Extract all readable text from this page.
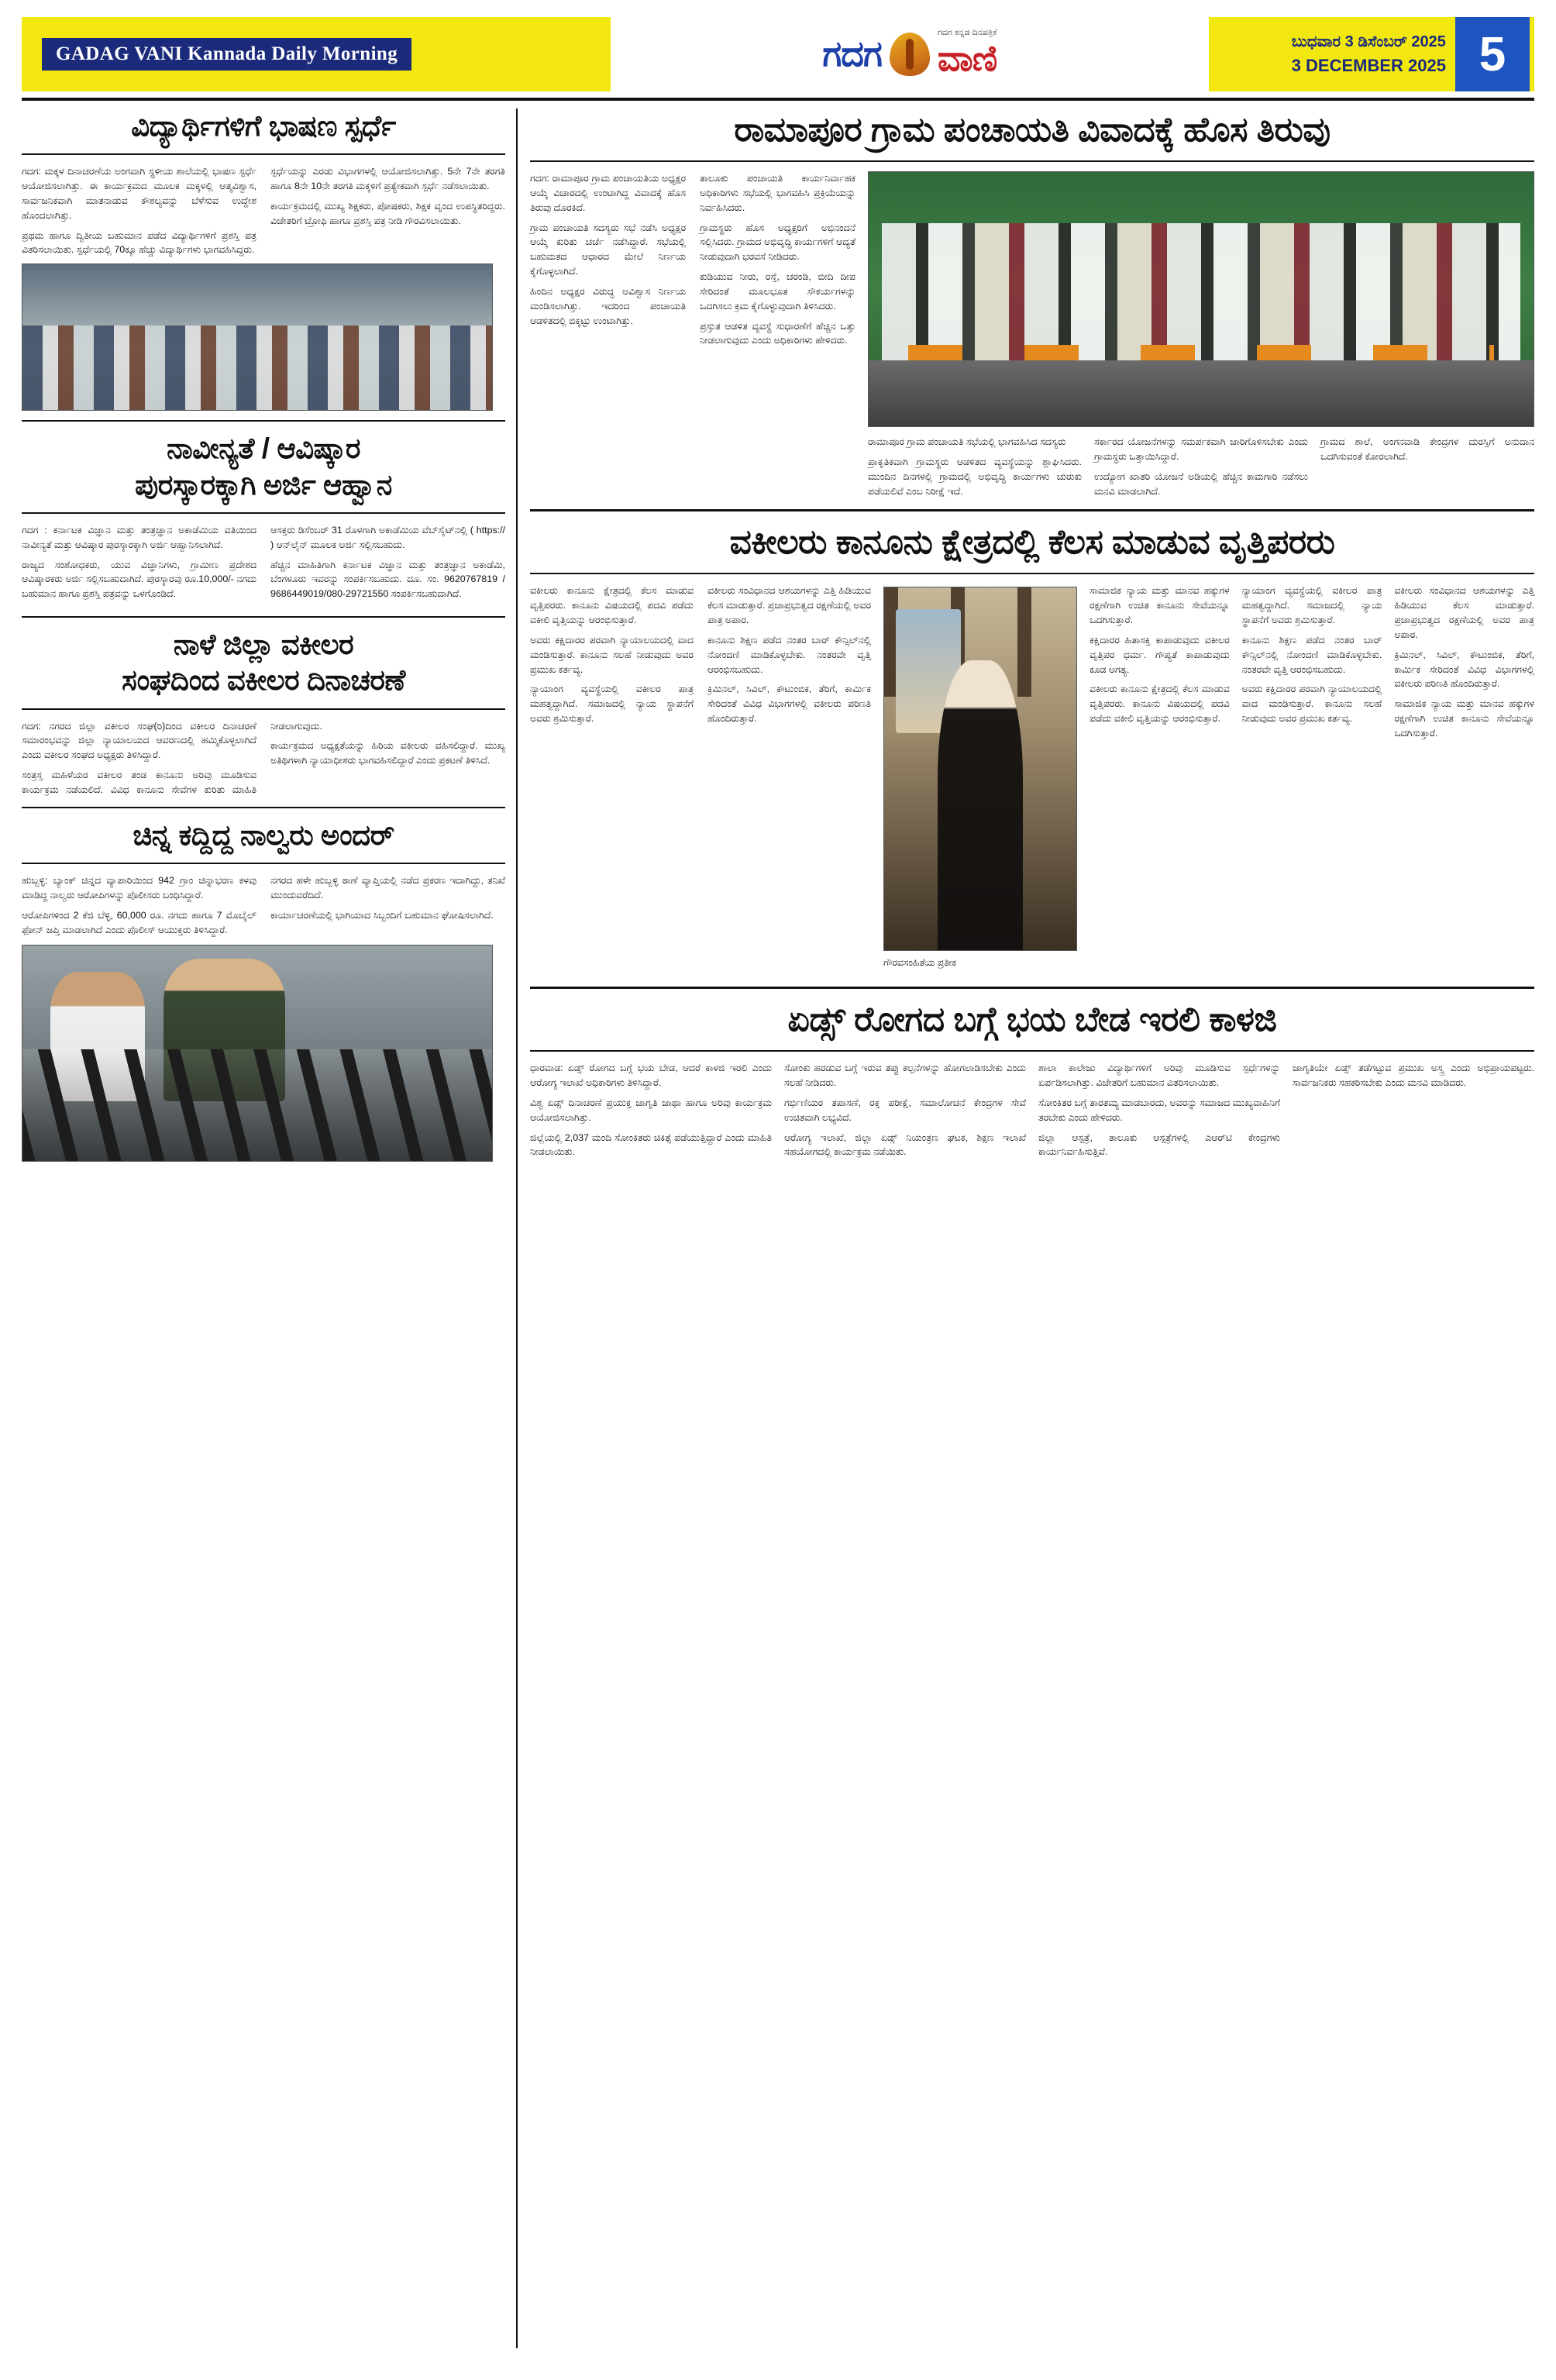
GADAG VANI Kannada Daily Morning	ಗದಗ
ಗದಗ ಕನ್ನಡ ದಿನಪತ್ರಿಕೆ
ವಾಣಿ	ಬುಧವಾರ 3 ಡಿಸೆಂಬರ್ 2025
3 DECEMBER 2025 5
ವಿದ್ಯಾರ್ಥಿಗಳಿಗೆ ಭಾಷಣ ಸ್ಪರ್ಧೆ

ಗದಗ: ಮಕ್ಕಳ ದಿನಾಚರಣೆಯ ಅಂಗವಾಗಿ ಸ್ಥಳೀಯ ಶಾಲೆಯಲ್ಲಿ ಭಾಷಣ ಸ್ಪರ್ಧೆ ಆಯೋಜಿಸಲಾಗಿತ್ತು. ಈ ಕಾರ್ಯಕ್ರಮದ ಮೂಲಕ ಮಕ್ಕಳಲ್ಲಿ ಆತ್ಮವಿಶ್ವಾಸ, ಸಾರ್ವಜನಿಕವಾಗಿ ಮಾತನಾಡುವ ಕೌಶಲ್ಯವನ್ನು ಬೆಳೆಸುವ ಉದ್ದೇಶ ಹೊಂದಲಾಗಿತ್ತು.

ಪ್ರಥಮ ಹಾಗೂ ದ್ವಿತೀಯ ಬಹುಮಾನ ಪಡೆದ ವಿದ್ಯಾರ್ಥಿಗಳಿಗೆ ಪ್ರಶಸ್ತಿ ಪತ್ರ ವಿತರಿಸಲಾಯಿತು. ಸ್ಪರ್ಧೆಯಲ್ಲಿ 70ಕ್ಕೂ ಹೆಚ್ಚು ವಿದ್ಯಾರ್ಥಿಗಳು ಭಾಗವಹಿಸಿದ್ದರು.

ಸ್ಪರ್ಧೆಯನ್ನು ಎರಡು ವಿಭಾಗಗಳಲ್ಲಿ ಆಯೋಜಿಸಲಾಗಿತ್ತು. 5ನೇ 7ನೇ ತರಗತಿ ಹಾಗೂ 8ನೇ 10ನೇ ತರಗತಿ ಮಕ್ಕಳಿಗೆ ಪ್ರತ್ಯೇಕವಾಗಿ ಸ್ಪರ್ಧೆ ನಡೆಸಲಾಯಿತು.

ಕಾರ್ಯಕ್ರಮದಲ್ಲಿ ಮುಖ್ಯ ಶಿಕ್ಷಕರು, ಪೋಷಕರು, ಶಿಕ್ಷಕ ವೃಂದ ಉಪಸ್ಥಿತರಿದ್ದರು. ವಿಜೇತರಿಗೆ ಟ್ರೋಫಿ ಹಾಗೂ ಪ್ರಶಸ್ತಿ ಪತ್ರ ನೀಡಿ ಗೌರವಿಸಲಾಯಿತು.

ನಾವೀನ್ಯತೆ / ಆವಿಷ್ಕಾರ
ಪುರಸ್ಕಾರಕ್ಕಾಗಿ ಅರ್ಜಿ ಆಹ್ವಾನ

ಗದಗ : ಕರ್ನಾಟಕ ವಿಜ್ಞಾನ ಮತ್ತು ತಂತ್ರಜ್ಞಾನ ಅಕಾಡೆಮಿಯ ವತಿಯಿಂದ ನಾವೀನ್ಯತೆ ಮತ್ತು ಆವಿಷ್ಕಾರ ಪುರಸ್ಕಾರಕ್ಕಾಗಿ ಅರ್ಜಿ ಆಹ್ವಾನಿಸಲಾಗಿದೆ.

ರಾಜ್ಯದ ಸಂಶೋಧಕರು, ಯುವ ವಿಜ್ಞಾನಿಗಳು, ಗ್ರಾಮೀಣ ಪ್ರದೇಶದ ಆವಿಷ್ಕಾರಕರು ಅರ್ಜಿ ಸಲ್ಲಿಸಬಹುದಾಗಿದೆ. ಪುರಸ್ಕಾರವು ರೂ.10,000/- ನಗದು ಬಹುಮಾನ ಹಾಗೂ ಪ್ರಶಸ್ತಿ ಪತ್ರವನ್ನು ಒಳಗೊಂಡಿದೆ.

ಆಸಕ್ತರು ಡಿಸೆಂಬರ್ 31 ರೊಳಗಾಗಿ ಅಕಾಡೆಮಿಯ ವೆಬ್‌ಸೈಟ್‌ನಲ್ಲಿ ( https:// ) ಆನ್‌ಲೈನ್ ಮೂಲಕ ಅರ್ಜಿ ಸಲ್ಲಿಸಬಹುದು.

ಹೆಚ್ಚಿನ ಮಾಹಿತಿಗಾಗಿ ಕರ್ನಾಟಕ ವಿಜ್ಞಾನ ಮತ್ತು ತಂತ್ರಜ್ಞಾನ ಅಕಾಡೆಮಿ, ಬೆಂಗಳೂರು ಇವರನ್ನು ಸಂಪರ್ಕಿಸಬಹುದು. ದೂ. ಸಂ. 9620767819 / 9686449019/080-29721550 ಸಂಪರ್ಕಿಸಬಹುದಾಗಿದೆ.

ನಾಳೆ ಜಿಲ್ಲಾ ವಕೀಲರ
ಸಂಘದಿಂದ ವಕೀಲರ ದಿನಾಚರಣೆ

ಗದಗ: ನಗರದ ಜಿಲ್ಲಾ ವಕೀಲರ ಸಂಘ(ರಿ)ದಿಂದ ವಕೀಲರ ದಿನಾಚರಣೆ ಸಮಾರಂಭವನ್ನು ಜಿಲ್ಲಾ ನ್ಯಾಯಾಲಯದ ಆವರಣದಲ್ಲಿ ಹಮ್ಮಿಕೊಳ್ಳಲಾಗಿದೆ ಎಂದು ವಕೀಲರ ಸಂಘದ ಅಧ್ಯಕ್ಷರು ತಿಳಿಸಿದ್ದಾರೆ.

ಸಂತ್ರಸ್ತ ಮಹಿಳೆಯರ ವಕೀಲರ ತಂಡ ಕಾನೂನು ಅರಿವು ಮೂಡಿಸುವ ಕಾರ್ಯಕ್ರಮ ನಡೆಯಲಿದೆ. ವಿವಿಧ ಕಾನೂನು ಸೇವೆಗಳ ಕುರಿತು ಮಾಹಿತಿ ನೀಡಲಾಗುವುದು.

ಕಾರ್ಯಕ್ರಮದ ಅಧ್ಯಕ್ಷತೆಯನ್ನು ಹಿರಿಯ ವಕೀಲರು ವಹಿಸಲಿದ್ದಾರೆ. ಮುಖ್ಯ ಅತಿಥಿಗಳಾಗಿ ನ್ಯಾಯಾಧೀಶರು ಭಾಗವಹಿಸಲಿದ್ದಾರೆ ಎಂದು ಪ್ರಕಟಣೆ ತಿಳಿಸಿದೆ.

ಚಿನ್ನ ಕದ್ದಿದ್ದ ನಾಲ್ವರು ಅಂದರ್

ಹುಬ್ಬಳ್ಳಿ: ಬ್ಯಾಂಕ್ ಚಿನ್ನದ ವ್ಯಾಪಾರಿಯಿಂದ 942 ಗ್ರಾಂ ಚಿನ್ನಾಭರಣ ಕಳವು ಮಾಡಿದ್ದ ನಾಲ್ವರು ಆರೋಪಿಗಳನ್ನು ಪೊಲೀಸರು ಬಂಧಿಸಿದ್ದಾರೆ.

ಆರೋಪಿಗಳಿಂದ 2 ಕೆಜಿ ಬೆಳ್ಳಿ, 60,000 ರೂ. ನಗದು ಹಾಗೂ 7 ಮೊಬೈಲ್ ಫೋನ್ ಜಪ್ತಿ ಮಾಡಲಾಗಿದೆ ಎಂದು ಪೊಲೀಸ್ ಆಯುಕ್ತರು ತಿಳಿಸಿದ್ದಾರೆ.

ನಗರದ ಹಳೇ ಹುಬ್ಬಳ್ಳಿ ಠಾಣೆ ವ್ಯಾಪ್ತಿಯಲ್ಲಿ ನಡೆದ ಪ್ರಕರಣ ಇದಾಗಿದ್ದು, ತನಿಖೆ ಮುಂದುವರೆದಿದೆ.

ಕಾರ್ಯಾಚರಣೆಯಲ್ಲಿ ಭಾಗಿಯಾದ ಸಿಬ್ಬಂದಿಗೆ ಬಹುಮಾನ ಘೋಷಿಸಲಾಗಿದೆ.

ರಾಮಾಪೂರ ಗ್ರಾಮ ಪಂಚಾಯತಿ ವಿವಾದಕ್ಕೆ ಹೊಸ ತಿರುವು

ಗದಗ: ರಾಮಾಪೂರ ಗ್ರಾಮ ಪಂಚಾಯತಿಯ ಅಧ್ಯಕ್ಷರ ಆಯ್ಕೆ ವಿಚಾರದಲ್ಲಿ ಉಂಟಾಗಿದ್ದ ವಿವಾದಕ್ಕೆ ಹೊಸ ತಿರುವು ದೊರಕಿದೆ.

ಗ್ರಾಮ ಪಂಚಾಯತಿ ಸದಸ್ಯರು ಸಭೆ ನಡೆಸಿ ಅಧ್ಯಕ್ಷರ ಆಯ್ಕೆ ಕುರಿತು ಚರ್ಚೆ ನಡೆಸಿದ್ದಾರೆ. ಸಭೆಯಲ್ಲಿ ಬಹುಮತದ ಆಧಾರದ ಮೇಲೆ ನಿರ್ಣಯ ಕೈಗೊಳ್ಳಲಾಗಿದೆ.

ಹಿಂದಿನ ಅಧ್ಯಕ್ಷರ ವಿರುದ್ಧ ಅವಿಶ್ವಾಸ ನಿರ್ಣಯ ಮಂಡಿಸಲಾಗಿತ್ತು. ಇದರಿಂದ ಪಂಚಾಯತಿ ಆಡಳಿತದಲ್ಲಿ ಬಿಕ್ಕಟ್ಟು ಉಂಟಾಗಿತ್ತು.

ತಾಲೂಕು ಪಂಚಾಯತಿ ಕಾರ್ಯನಿರ್ವಾಹಕ ಅಧಿಕಾರಿಗಳು ಸಭೆಯಲ್ಲಿ ಭಾಗವಹಿಸಿ ಪ್ರಕ್ರಿಯೆಯನ್ನು ನಿರ್ವಹಿಸಿದರು.

ಗ್ರಾಮಸ್ಥರು ಹೊಸ ಅಧ್ಯಕ್ಷರಿಗೆ ಅಭಿನಂದನೆ ಸಲ್ಲಿಸಿದರು. ಗ್ರಾಮದ ಅಭಿವೃದ್ಧಿ ಕಾರ್ಯಗಳಿಗೆ ಆದ್ಯತೆ ನೀಡುವುದಾಗಿ ಭರವಸೆ ನೀಡಿದರು.

ಕುಡಿಯುವ ನೀರು, ರಸ್ತೆ, ಚರಂಡಿ, ಬೀದಿ ದೀಪ ಸೇರಿದಂತೆ ಮೂಲಭೂತ ಸೌಕರ್ಯಗಳನ್ನು ಒದಗಿಸಲು ಕ್ರಮ ಕೈಗೊಳ್ಳುವುದಾಗಿ ತಿಳಿಸಿದರು.

ಪ್ರಸ್ತುತ ಆಡಳಿತ ವ್ಯವಸ್ಥೆ ಸುಧಾರಣೆಗೆ ಹೆಚ್ಚಿನ ಒತ್ತು ನೀಡಲಾಗುವುದು ಎಂದು ಅಧಿಕಾರಿಗಳು ಹೇಳಿದರು.

ರಾಮಾಪೂರ ಗ್ರಾಮ ಪಂಚಾಯತಿ ಸಭೆಯಲ್ಲಿ ಭಾಗವಹಿಸಿದ ಸದಸ್ಯರು

ಪ್ರಾಕೃತಿಕವಾಗಿ ಗ್ರಾಮಸ್ಥರು ಆಡಳಿತದ ವ್ಯವಸ್ಥೆಯನ್ನು ಶ್ಲಾಘಿಸಿದರು. ಮುಂದಿನ ದಿನಗಳಲ್ಲಿ ಗ್ರಾಮದಲ್ಲಿ ಅಭಿವೃದ್ಧಿ ಕಾರ್ಯಗಳು ಚುರುಕು ಪಡೆಯಲಿವೆ ಎಂಬ ನಿರೀಕ್ಷೆ ಇದೆ.

ಸರ್ಕಾರದ ಯೋಜನೆಗಳನ್ನು ಸಮರ್ಪಕವಾಗಿ ಜಾರಿಗೊಳಿಸಬೇಕು ಎಂದು ಗ್ರಾಮಸ್ಥರು ಒತ್ತಾಯಿಸಿದ್ದಾರೆ.

ಉದ್ಯೋಗ ಖಾತರಿ ಯೋಜನೆ ಅಡಿಯಲ್ಲಿ ಹೆಚ್ಚಿನ ಕಾಮಗಾರಿ ನಡೆಸಲು ಮನವಿ ಮಾಡಲಾಗಿದೆ.

ಗ್ರಾಮದ ಶಾಲೆ, ಅಂಗನವಾಡಿ ಕೇಂದ್ರಗಳ ದುರಸ್ತಿಗೆ ಅನುದಾನ ಒದಗಿಸುವಂತೆ ಕೋರಲಾಗಿದೆ.

ವಕೀಲರು ಕಾನೂನು ಕ್ಷೇತ್ರದಲ್ಲಿ ಕೆಲಸ ಮಾಡುವ ವೃತ್ತಿಪರರು

ವಕೀಲರು ಕಾನೂನು ಕ್ಷೇತ್ರದಲ್ಲಿ ಕೆಲಸ ಮಾಡುವ ವೃತ್ತಿಪರರು. ಕಾನೂನು ವಿಷಯದಲ್ಲಿ ಪದವಿ ಪಡೆದು ವಕೀಲಿ ವೃತ್ತಿಯನ್ನು ಆರಂಭಿಸುತ್ತಾರೆ.

ಅವರು ಕಕ್ಷಿದಾರರ ಪರವಾಗಿ ನ್ಯಾಯಾಲಯದಲ್ಲಿ ವಾದ ಮಂಡಿಸುತ್ತಾರೆ. ಕಾನೂನು ಸಲಹೆ ನೀಡುವುದು ಅವರ ಪ್ರಮುಖ ಕರ್ತವ್ಯ.

ನ್ಯಾಯಾಂಗ ವ್ಯವಸ್ಥೆಯಲ್ಲಿ ವಕೀಲರ ಪಾತ್ರ ಮಹತ್ವದ್ದಾಗಿದೆ. ಸಮಾಜದಲ್ಲಿ ನ್ಯಾಯ ಸ್ಥಾಪನೆಗೆ ಅವರು ಶ್ರಮಿಸುತ್ತಾರೆ.

ವಕೀಲರು ಸಂವಿಧಾನದ ಆಶಯಗಳನ್ನು ಎತ್ತಿ ಹಿಡಿಯುವ ಕೆಲಸ ಮಾಡುತ್ತಾರೆ. ಪ್ರಜಾಪ್ರಭುತ್ವದ ರಕ್ಷಣೆಯಲ್ಲಿ ಅವರ ಪಾತ್ರ ಅಪಾರ.

ಕಾನೂನು ಶಿಕ್ಷಣ ಪಡೆದ ನಂತರ ಬಾರ್ ಕೌನ್ಸಿಲ್‌ನಲ್ಲಿ ನೋಂದಣಿ ಮಾಡಿಕೊಳ್ಳಬೇಕು. ನಂತರವೇ ವೃತ್ತಿ ಆರಂಭಿಸಬಹುದು.

ಕ್ರಿಮಿನಲ್, ಸಿವಿಲ್, ಕೌಟುಂಬಿಕ, ತೆರಿಗೆ, ಕಾರ್ಮಿಕ ಸೇರಿದಂತೆ ವಿವಿಧ ವಿಭಾಗಗಳಲ್ಲಿ ವಕೀಲರು ಪರಿಣತಿ ಹೊಂದಿರುತ್ತಾರೆ.

ಗೌರವಸಂಹಿತೆಯ ಪ್ರತೀಕ

ಸಾಮಾಜಿಕ ನ್ಯಾಯ ಮತ್ತು ಮಾನವ ಹಕ್ಕುಗಳ ರಕ್ಷಣೆಗಾಗಿ ಉಚಿತ ಕಾನೂನು ಸೇವೆಯನ್ನೂ ಒದಗಿಸುತ್ತಾರೆ.

ಕಕ್ಷಿದಾರರ ಹಿತಾಸಕ್ತಿ ಕಾಪಾಡುವುದು ವಕೀಲರ ವೃತ್ತಿಪರ ಧರ್ಮ. ಗೌಪ್ಯತೆ ಕಾಪಾಡುವುದು ಕೂಡ ಅಗತ್ಯ.

ವಕೀಲರು ಕಾನೂನು ಕ್ಷೇತ್ರದಲ್ಲಿ ಕೆಲಸ ಮಾಡುವ ವೃತ್ತಿಪರರು. ಕಾನೂನು ವಿಷಯದಲ್ಲಿ ಪದವಿ ಪಡೆದು ವಕೀಲಿ ವೃತ್ತಿಯನ್ನು ಆರಂಭಿಸುತ್ತಾರೆ.

ನ್ಯಾಯಾಂಗ ವ್ಯವಸ್ಥೆಯಲ್ಲಿ ವಕೀಲರ ಪಾತ್ರ ಮಹತ್ವದ್ದಾಗಿದೆ. ಸಮಾಜದಲ್ಲಿ ನ್ಯಾಯ ಸ್ಥಾಪನೆಗೆ ಅವರು ಶ್ರಮಿಸುತ್ತಾರೆ.

ಕಾನೂನು ಶಿಕ್ಷಣ ಪಡೆದ ನಂತರ ಬಾರ್ ಕೌನ್ಸಿಲ್‌ನಲ್ಲಿ ನೋಂದಣಿ ಮಾಡಿಕೊಳ್ಳಬೇಕು. ನಂತರವೇ ವೃತ್ತಿ ಆರಂಭಿಸಬಹುದು.

ಅವರು ಕಕ್ಷಿದಾರರ ಪರವಾಗಿ ನ್ಯಾಯಾಲಯದಲ್ಲಿ ವಾದ ಮಂಡಿಸುತ್ತಾರೆ. ಕಾನೂನು ಸಲಹೆ ನೀಡುವುದು ಅವರ ಪ್ರಮುಖ ಕರ್ತವ್ಯ.

ವಕೀಲರು ಸಂವಿಧಾನದ ಆಶಯಗಳನ್ನು ಎತ್ತಿ ಹಿಡಿಯುವ ಕೆಲಸ ಮಾಡುತ್ತಾರೆ. ಪ್ರಜಾಪ್ರಭುತ್ವದ ರಕ್ಷಣೆಯಲ್ಲಿ ಅವರ ಪಾತ್ರ ಅಪಾರ.

ಕ್ರಿಮಿನಲ್, ಸಿವಿಲ್, ಕೌಟುಂಬಿಕ, ತೆರಿಗೆ, ಕಾರ್ಮಿಕ ಸೇರಿದಂತೆ ವಿವಿಧ ವಿಭಾಗಗಳಲ್ಲಿ ವಕೀಲರು ಪರಿಣತಿ ಹೊಂದಿರುತ್ತಾರೆ.

ಸಾಮಾಜಿಕ ನ್ಯಾಯ ಮತ್ತು ಮಾನವ ಹಕ್ಕುಗಳ ರಕ್ಷಣೆಗಾಗಿ ಉಚಿತ ಕಾನೂನು ಸೇವೆಯನ್ನೂ ಒದಗಿಸುತ್ತಾರೆ.

ಏಡ್ಸ್ ರೋಗದ ಬಗ್ಗೆ ಭಯ ಬೇಡ ಇರಲಿ ಕಾಳಜಿ

ಧಾರವಾಡ: ಏಡ್ಸ್ ರೋಗದ ಬಗ್ಗೆ ಭಯ ಬೇಡ, ಆದರೆ ಕಾಳಜಿ ಇರಲಿ ಎಂದು ಆರೋಗ್ಯ ಇಲಾಖೆ ಅಧಿಕಾರಿಗಳು ತಿಳಿಸಿದ್ದಾರೆ.

ವಿಶ್ವ ಏಡ್ಸ್ ದಿನಾಚರಣೆ ಪ್ರಯುಕ್ತ ಜಾಗೃತಿ ಜಾಥಾ ಹಾಗೂ ಅರಿವು ಕಾರ್ಯಕ್ರಮ ಆಯೋಜಿಸಲಾಗಿತ್ತು.

ಜಿಲ್ಲೆಯಲ್ಲಿ 2,037 ಮಂದಿ ಸೋಂಕಿತರು ಚಿಕಿತ್ಸೆ ಪಡೆಯುತ್ತಿದ್ದಾರೆ ಎಂದು ಮಾಹಿತಿ ನೀಡಲಾಯಿತು.

ಸೋಂಕು ಹರಡುವ ಬಗ್ಗೆ ಇರುವ ತಪ್ಪು ಕಲ್ಪನೆಗಳನ್ನು ಹೋಗಲಾಡಿಸಬೇಕು ಎಂದು ಸಲಹೆ ನೀಡಿದರು.

ಗರ್ಭಿಣಿಯರ ತಪಾಸಣೆ, ರಕ್ತ ಪರೀಕ್ಷೆ, ಸಮಾಲೋಚನೆ ಕೇಂದ್ರಗಳ ಸೇವೆ ಉಚಿತವಾಗಿ ಲಭ್ಯವಿದೆ.

ಆರೋಗ್ಯ ಇಲಾಖೆ, ಜಿಲ್ಲಾ ಏಡ್ಸ್ ನಿಯಂತ್ರಣ ಘಟಕ, ಶಿಕ್ಷಣ ಇಲಾಖೆ ಸಹಯೋಗದಲ್ಲಿ ಕಾರ್ಯಕ್ರಮ ನಡೆಯಿತು.

ಶಾಲಾ ಕಾಲೇಜು ವಿದ್ಯಾರ್ಥಿಗಳಿಗೆ ಅರಿವು ಮೂಡಿಸುವ ಸ್ಪರ್ಧೆಗಳನ್ನು ಏರ್ಪಡಿಸಲಾಗಿತ್ತು. ವಿಜೇತರಿಗೆ ಬಹುಮಾನ ವಿತರಿಸಲಾಯಿತು.

ಸೋಂಕಿತರ ಬಗ್ಗೆ ತಾರತಮ್ಯ ಮಾಡಬಾರದು, ಅವರನ್ನು ಸಮಾಜದ ಮುಖ್ಯವಾಹಿನಿಗೆ ತರಬೇಕು ಎಂದು ಹೇಳಿದರು.

ಜಿಲ್ಲಾ ಆಸ್ಪತ್ರೆ, ತಾಲೂಕು ಆಸ್ಪತ್ರೆಗಳಲ್ಲಿ ಎಆರ್‌ಟಿ ಕೇಂದ್ರಗಳು ಕಾರ್ಯನಿರ್ವಹಿಸುತ್ತಿವೆ.

ಜಾಗೃತಿಯೇ ಏಡ್ಸ್ ತಡೆಗಟ್ಟುವ ಪ್ರಮುಖ ಅಸ್ತ್ರ ಎಂದು ಅಭಿಪ್ರಾಯಪಟ್ಟರು. ಸಾರ್ವಜನಿಕರು ಸಹಕರಿಸಬೇಕು ಎಂದು ಮನವಿ ಮಾಡಿದರು.
